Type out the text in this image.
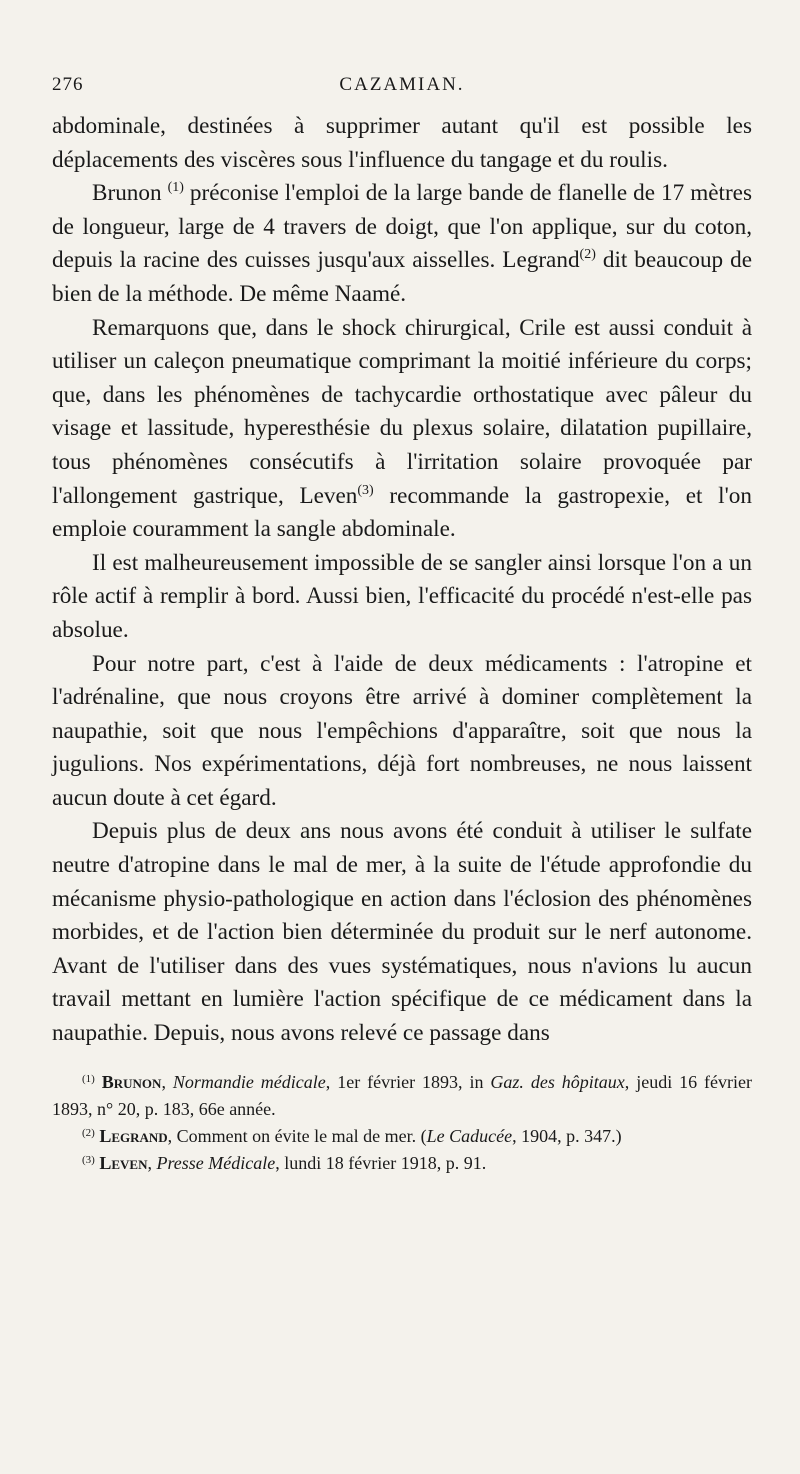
276	CAZAMIAN.

abdominale, destinées à supprimer autant qu'il est possible les déplacements des viscères sous l'influence du tangage et du roulis.

Brunon $^{(1)}$ préconise l'emploi de la large bande de flanelle de 17 mètres de longueur, large de 4 travers de doigt, que l'on applique, sur du coton, depuis la racine des cuisses jusqu'aux aisselles. Legrand$^{(2)}$ dit beaucoup de bien de la méthode. De même Naamé.

Remarquons que, dans le shock chirurgical, Crile est aussi conduit à utiliser un caleçon pneumatique comprimant la moitié inférieure du corps; que, dans les phénomènes de tachycardie orthostatique avec pâleur du visage et lassitude, hyperesthésie du plexus solaire, dilatation pupillaire, tous phénomènes consécutifs à l'irritation solaire provoquée par l'allongement gastrique, Leven$^{(3)}$ recommande la gastropexie, et l'on emploie couramment la sangle abdominale.

Il est malheureusement impossible de se sangler ainsi lorsque l'on a un rôle actif à remplir à bord. Aussi bien, l'efficacité du procédé n'est-elle pas absolue.

Pour notre part, c'est à l'aide de deux médicaments : l'atropine et l'adrénaline, que nous croyons être arrivé à dominer complètement la naupathie, soit que nous l'empêchions d'apparaître, soit que nous la jugulions. Nos expérimentations, déjà fort nombreuses, ne nous laissent aucun doute à cet égard.

Depuis plus de deux ans nous avons été conduit à utiliser le sulfate neutre d'atropine dans le mal de mer, à la suite de l'étude approfondie du mécanisme physio-pathologique en action dans l'éclosion des phénomènes morbides, et de l'action bien déterminée du produit sur le nerf autonome. Avant de l'utiliser dans des vues systématiques, nous n'avions lu aucun travail mettant en lumière l'action spécifique de ce médicament dans la naupathie. Depuis, nous avons relevé ce passage dans

$^{(1)}$ Brunon, Normandie médicale, 1er février 1893, in Gaz. des hôpitaux, jeudi 16 février 1893, n° 20, p. 183, 66e année.

$^{(2)}$ Legrand, Comment on évite le mal de mer. (Le Caducée, 1904, p. 347.)

$^{(3)}$ Leven, Presse Médicale, lundi 18 février 1918, p. 91.
